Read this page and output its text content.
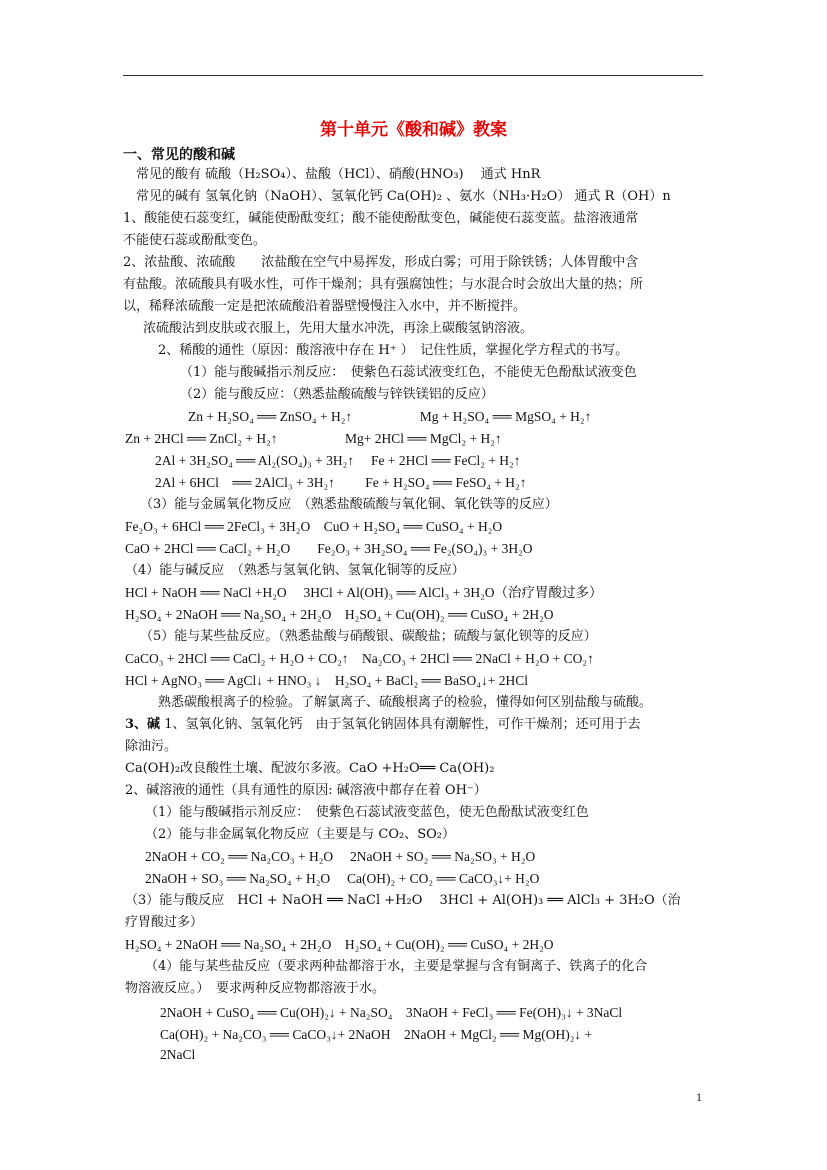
第十单元《酸和碱》教案
一、常见的酸和碱
　常见的酸有 硫酸（H₂SO₄）、盐酸（HCl）、硝酸(HNO₃)　 通式 HnR
　常见的碱有 氢氧化钠（NaOH）、氢氧化钙 Ca(OH)₂ 、氨水（NH₃·H₂O） 通式 R（OH）n
1、酸能使石蕊变红，碱能使酚酞变红；酸不能使酚酞变色，碱能使石蕊变蓝。盐溶液通常
不能使石蕊或酚酞变色。
2、浓盐酸、浓硫酸　　浓盐酸在空气中易挥发，形成白雾；可用于除铁锈；人体胃酸中含
有盐酸。浓硫酸具有吸水性，可作干燥剂；具有强腐蚀性；与水混合时会放出大量的热；所
以，稀释浓硫酸一定是把浓硫酸沿着器壁慢慢注入水中，并不断搅拌。
　浓硫酸沾到皮肤或衣服上，先用大量水冲洗，再涂上碳酸氢钠溶液。
2、稀酸的通性（原因：酸溶液中存在 H⁺ ）　记住性质，掌握化学方程式的书写。
（1）能与酸碱指示剂反应：　使紫色石蕊试液变红色，不能使无色酚酞试液变色
（2）能与酸反应：（熟悉盐酸硫酸与锌铁镁铝的反应）
Zn + H₂SO₄ ══ ZnSO₄ + H₂↑　　　　　Mg + H₂SO₄ ══ MgSO₄ + H₂↑
Zn + 2HCl ══ ZnCl₂ + H₂↑　　　　　Mg+ 2HCl ══ MgCl₂ + H₂↑
2Al + 3H₂SO₄ ══ Al₂(SO₄)₃ + 3H₂↑　 Fe + 2HCl ══ FeCl₂ + H₂↑
2Al + 6HCl　══ 2AlCl₃ + 3H₂↑　　 Fe + H₂SO₄ ══ FeSO₄ + H₂↑
（3）能与金属氧化物反应　（熟悉盐酸硫酸与氧化铜、氧化铁等的反应）
Fe₂O₃ + 6HCl ══ 2FeCl₃ + 3H₂O　CuO + H₂SO₄ ══ CuSO₄ + H₂O
CaO + 2HCl ══ CaCl₂ + H₂O　　Fe₂O₃ + 3H₂SO₄ ══ Fe₂(SO₄)₃ + 3H₂O
（4）能与碱反应　（熟悉与氢氧化钠、氢氧化铜等的反应）
HCl + NaOH ══ NaCl +H₂O　 3HCl + Al(OH)₃ ══ AlCl₃ + 3H₂O（治疗胃酸过多）
H₂SO₄ + 2NaOH ══ Na₂SO₄ + 2H₂O　H₂SO₄ + Cu(OH)₂ ══ CuSO₄ + 2H₂O
（5）能与某些盐反应。（熟悉盐酸与硝酸银、碳酸盐；硫酸与氯化钡等的反应）
CaCO₃ + 2HCl ══ CaCl₂ + H₂O + CO₂↑　Na₂CO₃ + 2HCl ══ 2NaCl + H₂O + CO₂↑
HCl + AgNO₃ ══ AgCl↓ + HNO₃ ↓　H₂SO₄ + BaCl₂ ══ BaSO₄↓+ 2HCl
熟悉碳酸根离子的检验。了解氯离子、硫酸根离子的检验，懂得如何区别盐酸与硫酸。
3、碱 1、氢氧化钠、氢氧化钙　由于氢氧化钠固体具有潮解性，可作干燥剂；还可用于去
除油污。
Ca(OH)₂改良酸性土壤、配波尔多液。CaO +H₂O══ Ca(OH)₂
2、碱溶液的通性（具有通性的原因: 碱溶液中都存在着 OH⁻）
（1）能与酸碱指示剂反应：　使紫色石蕊试液变蓝色，使无色酚酞试液变红色
（2）能与非金属氧化物反应（主要是与 CO₂、SO₂）
2NaOH + CO₂ ══ Na₂CO₃ + H₂O　 2NaOH + SO₂ ══ Na₂SO₃ + H₂O
2NaOH + SO₃ ══ Na₂SO₄ + H₂O　 Ca(OH)₂ + CO₂ ══ CaCO₃↓+ H₂O
（3）能与酸反应　HCl + NaOH ══ NaCl +H₂O　 3HCl + Al(OH)₃ ══ AlCl₃ + 3H₂O（治
疗胃酸过多）
H₂SO₄ + 2NaOH ══ Na₂SO₄ + 2H₂O　H₂SO₄ + Cu(OH)₂ ══ CuSO₄ + 2H₂O
（4）能与某些盐反应（要求两种盐都溶于水，主要是掌握与含有铜离子、铁离子的化合
物溶液反应。）　要求两种反应物都溶液于水。
2NaOH + CuSO₄ ══ Cu(OH)₂↓ + Na₂SO₄　3NaOH + FeCl₃ ══ Fe(OH)₃↓ + 3NaCl
Ca(OH)₂ + Na₂CO₃ ══ CaCO₃↓+ 2NaOH　2NaOH + MgCl₂ ══ Mg(OH)₂↓ +
2NaCl
1
